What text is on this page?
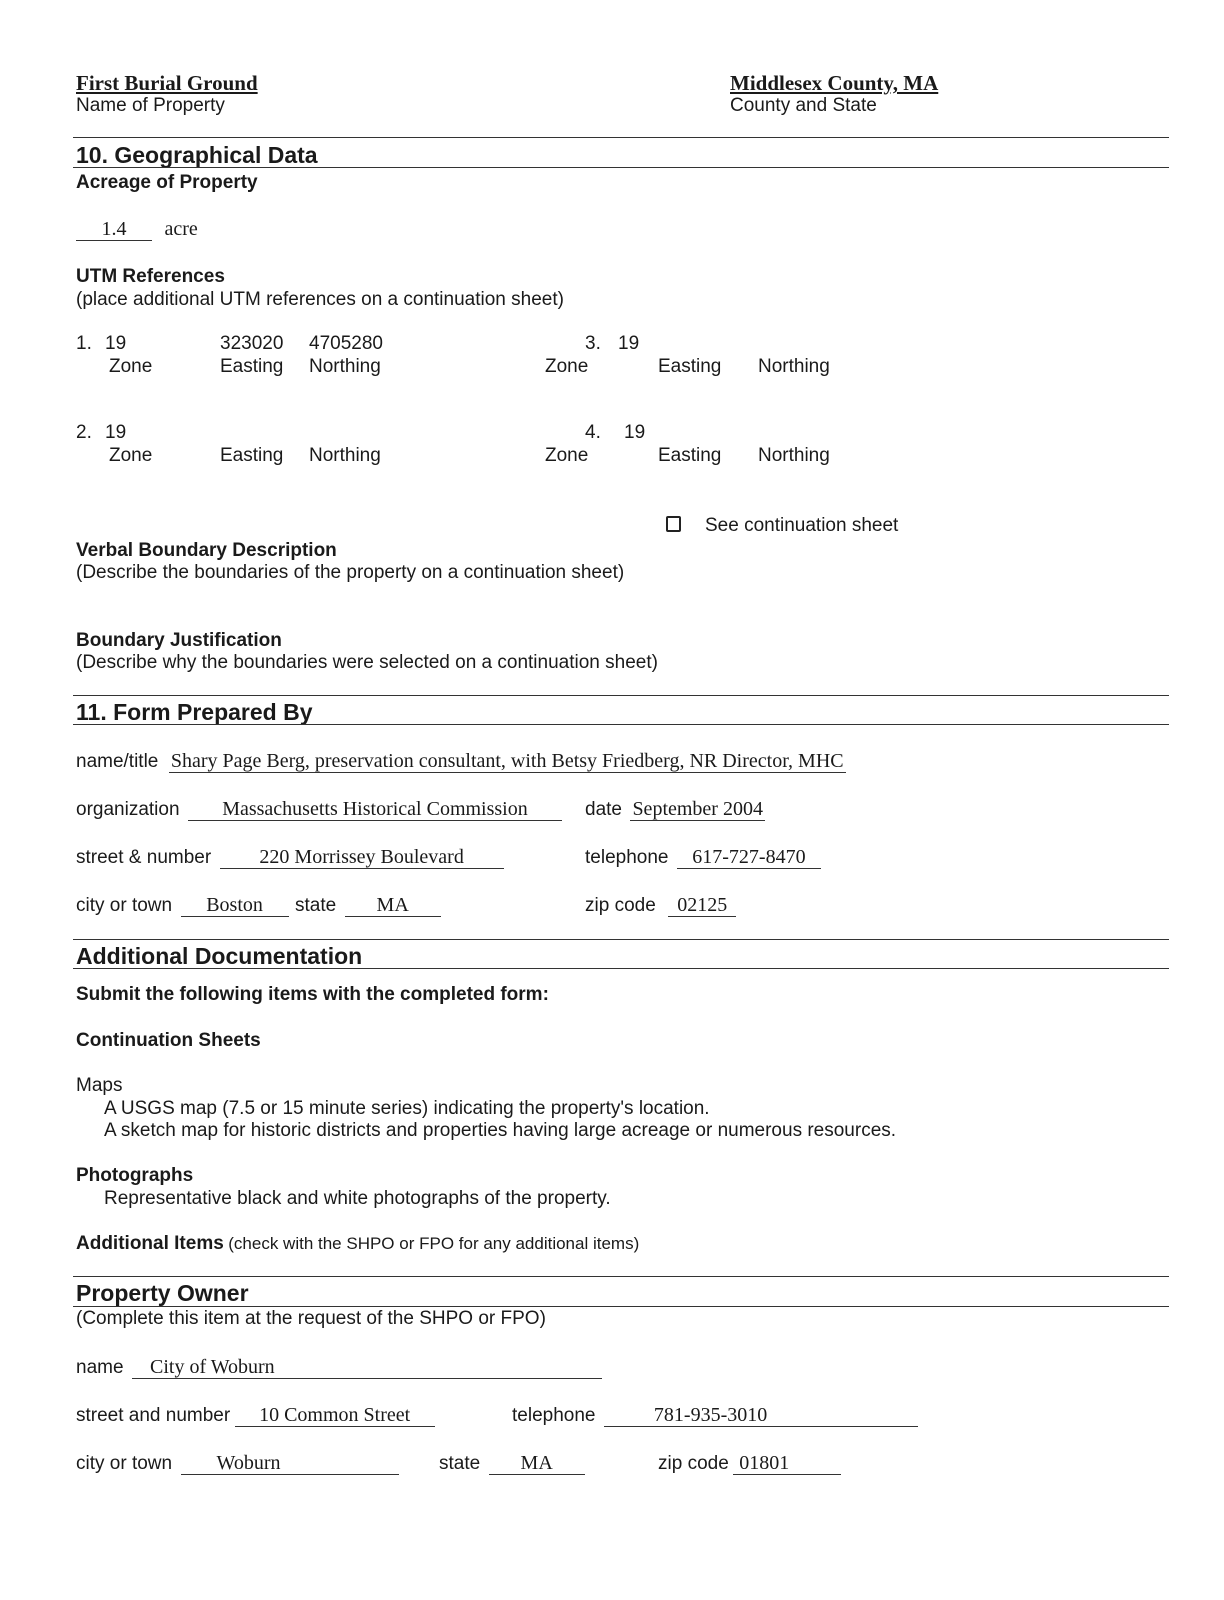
First Burial Ground
Name of Property
Middlesex County, MA
County and State
10. Geographical Data
Acreage of Property
1.4 acre
UTM References
(place additional UTM references on a continuation sheet)
1. 19	323020 4705280
Zone	Easting Northing
3. 19
Zone	Easting Northing
2. 19
Zone	Easting Northing
4. 19
Zone	Easting Northing
See continuation sheet
Verbal Boundary Description
(Describe the boundaries of the property on a continuation sheet)
Boundary Justification
(Describe why the boundaries were selected on a continuation sheet)
11. Form Prepared By
name/title Shary Page Berg, preservation consultant, with Betsy Friedberg, NR Director, MHC
organization Massachusetts Historical Commission	date September 2004
street & number 220 Morrissey Boulevard	telephone 617-727-8470
city or town Boston state MA	zip code 02125
Additional Documentation
Submit the following items with the completed form:
Continuation Sheets
Maps
A USGS map (7.5 or 15 minute series) indicating the property's location.
A sketch map for historic districts and properties having large acreage or numerous resources.
Photographs
Representative black and white photographs of the property.
Additional Items (check with the SHPO or FPO for any additional items)
Property Owner
(Complete this item at the request of the SHPO or FPO)
name City of Woburn
street and number 10 Common Street	telephone	781-935-3010
city or town Woburn	state MA	zip code 01801
